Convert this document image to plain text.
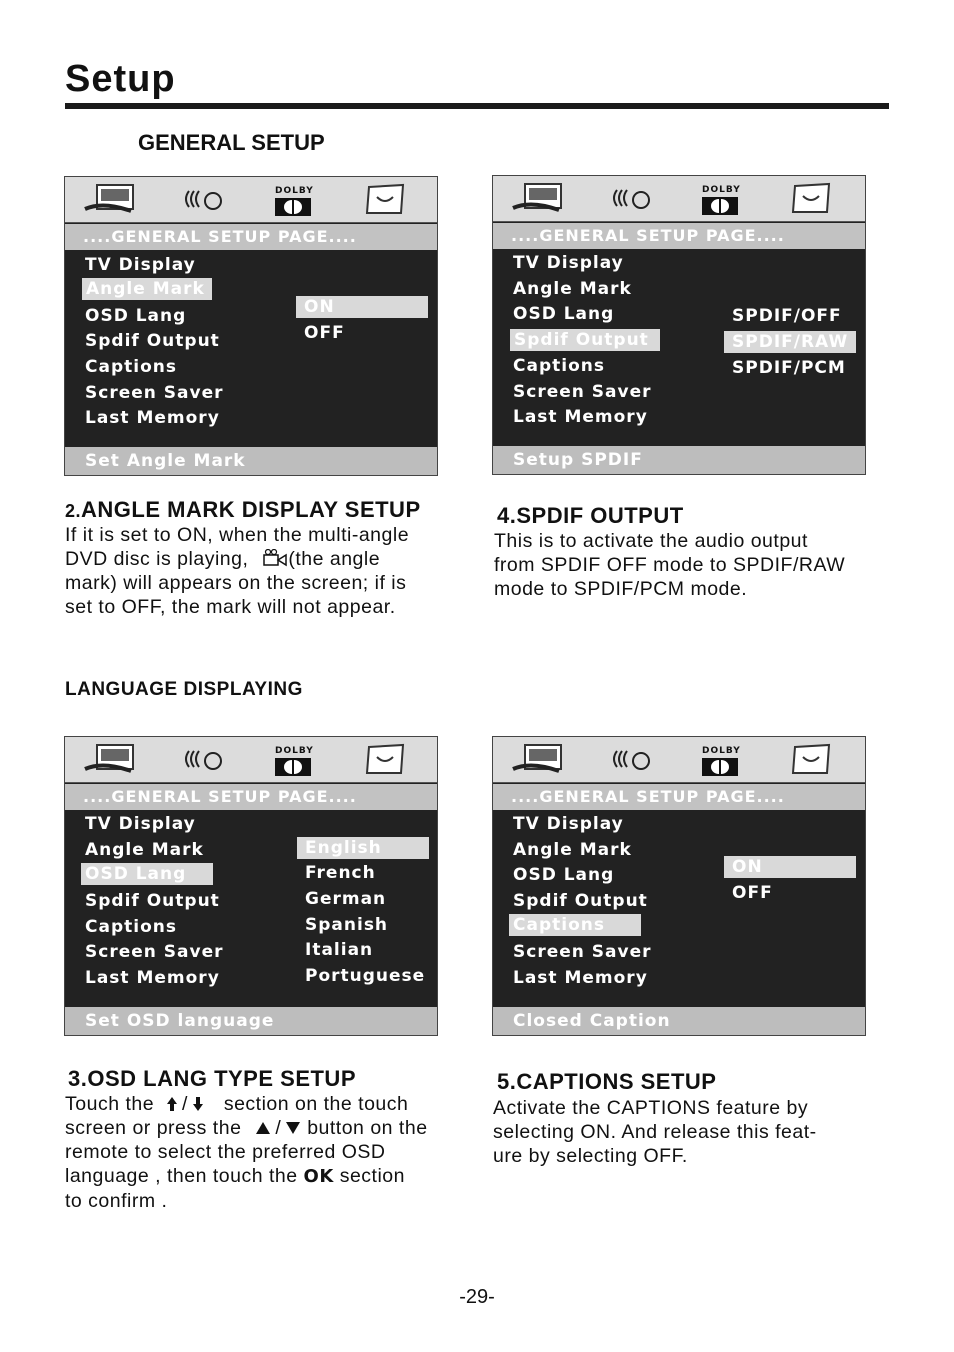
Setup
GENERAL SETUP
LANGUAGE DISPLAYING
DOLBY
....GENERAL SETUP PAGE....
TV Display
Angle Mark
OSD Lang
Spdif Output
Captions
Screen Saver
Last Memory
ON
OFF
Set Angle Mark
DOLBY
....GENERAL SETUP PAGE....
TV Display
Angle Mark
OSD Lang
Spdif Output
Captions
Screen Saver
Last Memory
SPDIF/OFF
SPDIF/RAW
SPDIF/PCM
Setup SPDIF
DOLBY
....GENERAL SETUP PAGE....
TV Display
Angle Mark
OSD Lang
Spdif Output
Captions
Screen Saver
Last Memory
English
French
German
Spanish
Italian
Portuguese
Set OSD language
DOLBY
....GENERAL SETUP PAGE....
TV Display
Angle Mark
OSD Lang
Spdif Output
Captions
Screen Saver
Last Memory
ON
OFF
Closed Caption
2.ANGLE MARK DISPLAY SETUP
If it is set to ON, when the multi-angle
DVD disc is playing, (the angle
mark) will appears on the screen; if is
set to OFF, the mark will not appear.
4.SPDIF OUTPUT
This is to activate the audio output
from SPDIF OFF mode to SPDIF/RAW
mode to SPDIF/PCM mode.
3.OSD LANG TYPE SETUP
Touch the / section on the touch
screen or press the / button on the
remote to select the preferred OSD
language , then touch the OK section
to confirm .
5.CAPTIONS SETUP
Activate the CAPTIONS feature by
selecting ON. And release this feat-
ure by selecting OFF.
-29-
